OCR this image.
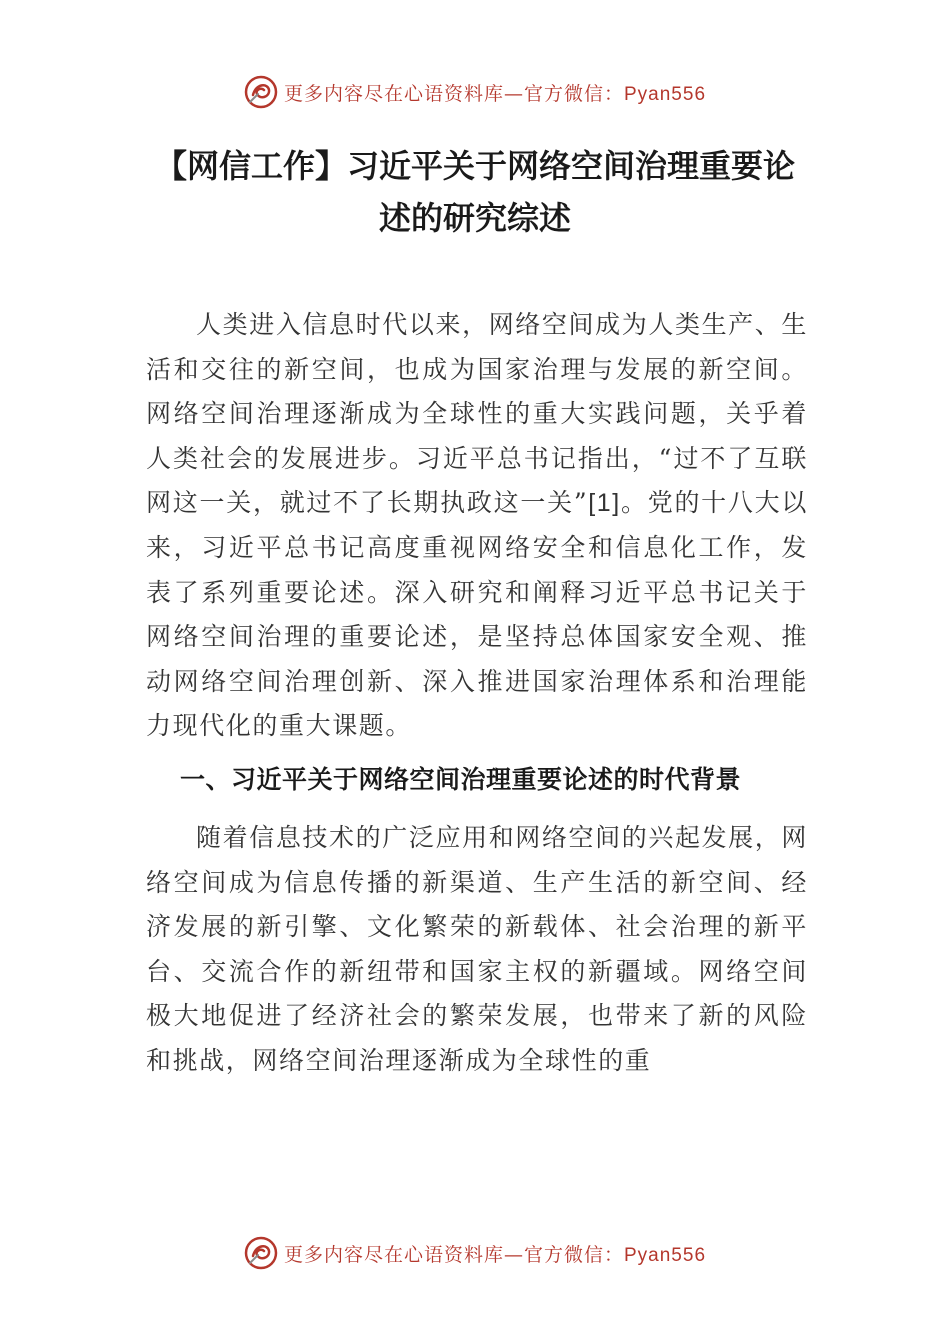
更多内容尽在心语资料库—官方微信：Pyan556
【网信工作】习近平关于网络空间治理重要论述的研究综述

人类进入信息时代以来，网络空间成为人类生产、生活和交往的新空间，也成为国家治理与发展的新空间。网络空间治理逐渐成为全球性的重大实践问题，关乎着人类社会的发展进步。习近平总书记指出，“过不了互联网这一关，就过不了长期执政这一关”[1]。党的十八大以来，习近平总书记高度重视网络安全和信息化工作，发表了系列重要论述。深入研究和阐释习近平总书记关于网络空间治理的重要论述，是坚持总体国家安全观、推动网络空间治理创新、深入推进国家治理体系和治理能力现代化的重大课题。

一、习近平关于网络空间治理重要论述的时代背景

随着信息技术的广泛应用和网络空间的兴起发展，网络空间成为信息传播的新渠道、生产生活的新空间、经济发展的新引擎、文化繁荣的新载体、社会治理的新平台、交流合作的新纽带和国家主权的新疆域。网络空间极大地促进了经济社会的繁荣发展，也带来了新的风险和挑战，网络空间治理逐渐成为全球性的重

更多内容尽在心语资料库—官方微信：Pyan556
